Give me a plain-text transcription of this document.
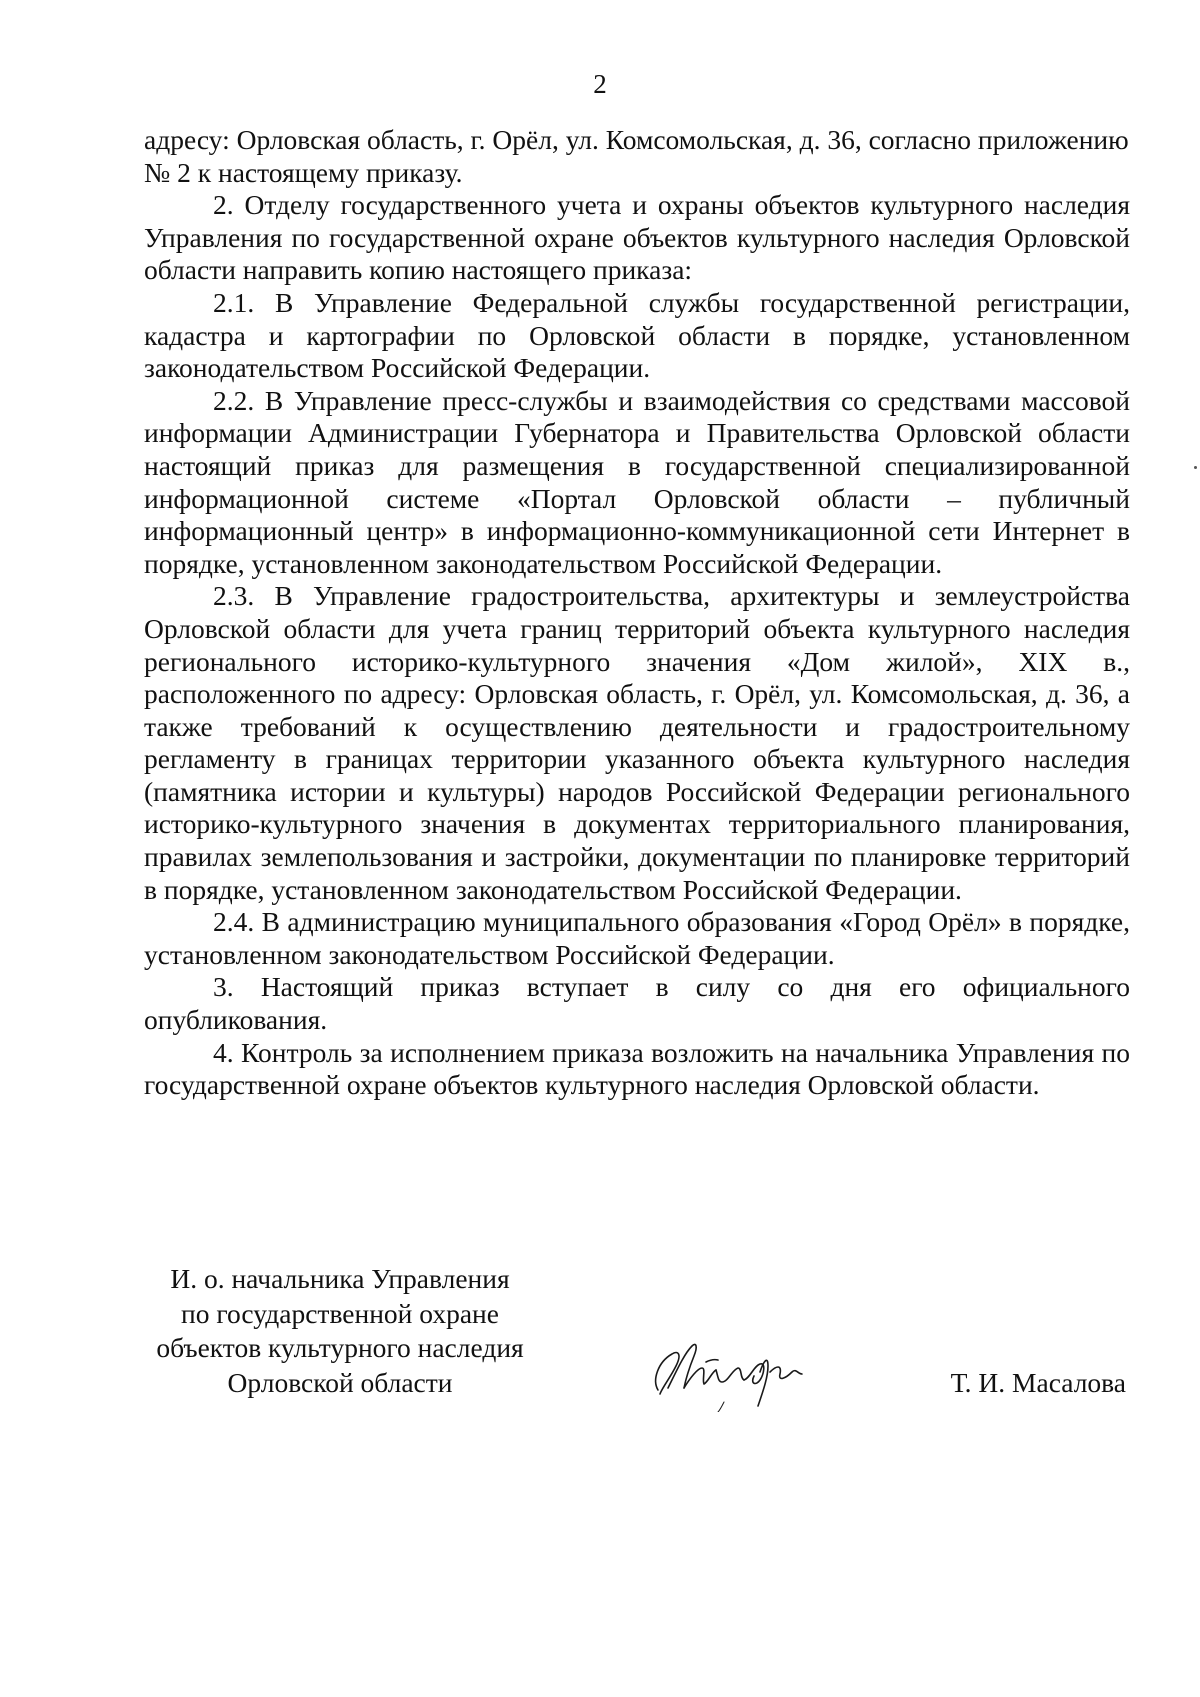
2

адресу: Орловская область, г. Орёл, ул. Комсомольская, д. 36, согласно приложению № 2 к настоящему приказу.

2. Отделу государственного учета и охраны объектов культурного наследия Управления по государственной охране объектов культурного наследия Орловской области направить копию настоящего приказа:

2.1. В Управление Федеральной службы государственной регистрации, кадастра и картографии по Орловской области в порядке, установленном законодательством Российской Федерации.

2.2. В Управление пресс-службы и взаимодействия со средствами массовой информации Администрации Губернатора и Правительства Орловской области настоящий приказ для размещения в государственной специализированной информационной системе «Портал Орловской области – публичный информационный центр» в информационно-коммуникационной сети Интернет в порядке, установленном законодательством Российской Федерации.

2.3. В Управление градостроительства, архитектуры и землеустройства Орловской области для учета границ территорий объекта культурного наследия регионального историко-культурного значения «Дом жилой», XIX в., расположенного по адресу: Орловская область, г. Орёл, ул. Комсомольская, д. 36, а также требований к осуществлению деятельности и градостроительному регламенту в границах территории указанного объекта культурного наследия (памятника истории и культуры) народов Российской Федерации регионального историко-культурного значения в документах территориального планирования, правилах землепользования и застройки, документации по планировке территорий в порядке, установленном законодательством Российской Федерации.

2.4. В администрацию муниципального образования «Город Орёл» в порядке, установленном законодательством Российской Федерации.

3. Настоящий приказ вступает в силу со дня его официального опубликования.

4. Контроль за исполнением приказа возложить на начальника Управления по государственной охране объектов культурного наследия Орловской области.

И. о. начальника Управления
по государственной охране
объектов культурного наследия
Орловской области	Т. И. Масалова
